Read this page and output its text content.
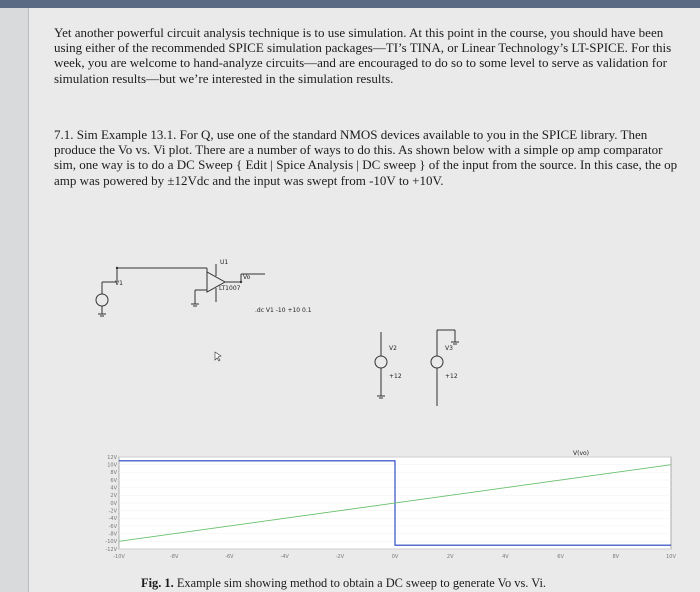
Yet another powerful circuit analysis technique is to use simulation. At this point in the course, you should have been using either of the recommended SPICE simulation packages—TI’s TINA, or Linear Technology’s LT-SPICE. For this week, you are welcome to hand-analyze circuits—and are encouraged to do so to some level to serve as validation for simulation results—but we’re interested in the simulation results.

7.1. Sim Example 13.1. For Q, use one of the standard NMOS devices available to you in the SPICE library. Then produce the Vo vs. Vi plot. There are a number of ways to do this. As shown below with a simple op amp comparator sim, one way is to do a DC Sweep { Edit | Spice Analysis | DC sweep } of the input from the source. In this case, the op amp was powered by ±12Vdc and the input was swept from -10V to +10V.

V1
U1
LT1007
Vo
.dc V1 -10 +10 0.1
V2
+12
V3
+12
-10V	-8V	-6V	-4V	-2V	0V	2V	4V	6V	8V	10V
12V
10V
8V
6V
4V
2V
0V
-2V
-4V
-6V
-8V
-10V
-12V
V(vo)
Fig. 1. Example sim showing method to obtain a DC sweep to generate Vo vs. Vi.
